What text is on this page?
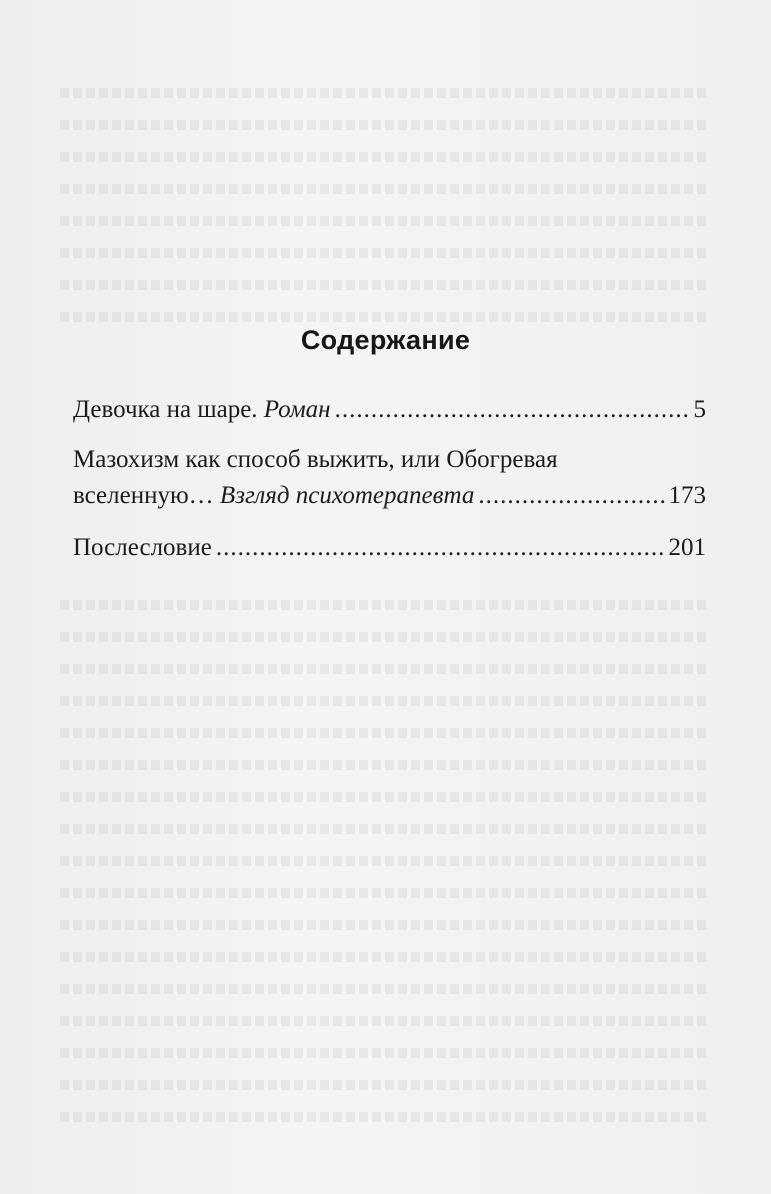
Содержание
Девочка на шаре. Роман .....	5
Мазохизм как способ выжить, или Обогревая
вселенную… Взгляд психотерапевта .....	173
Послесловие .....	201
